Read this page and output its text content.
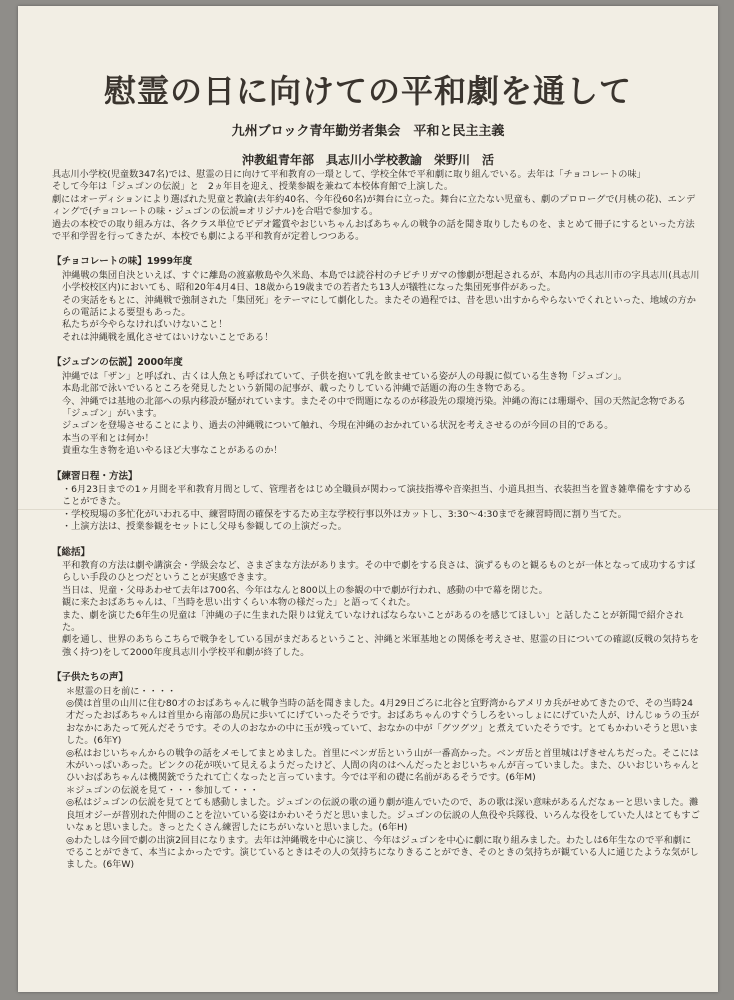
慰霊の日に向けての平和劇を通して
九州ブロック青年勤労者集会　平和と民主主義
沖教組青年部　具志川小学校教諭　栄野川　活

具志川小学校(児童数347名)では、慰霊の日に向けて平和教育の一環として、学校全体で平和劇に取り組んでいる。去年は「チョコレートの味」
そして今年は「ジュゴンの伝説」と　2ヵ年目を迎え、授業参観を兼ねて本校体育館で上演した。
劇にはオーディションにより選ばれた児童と教諭(去年約40名、今年役60名)が舞台に立った。舞台に立たない児童も、劇のプロローグで(月桃の花)、エンディングで(チョコレートの味・ジュゴンの伝説=オリジナル)を合唱で参加する。
過去の本校での取り組み方は、各クラス単位でビデオ鑑賞やおじいちゃんおばあちゃんの戦争の話を聞き取りしたものを、まとめて冊子にするといった方法で平和学習を行ってきたが、本校でも劇による平和教育が定着しつつある。

【チョコレートの味】1999年度

沖縄戦の集団自決といえば、すぐに離島の渡嘉敷島や久米島、本島では読谷村のチビチリガマの惨劇が想起されるが、本島内の具志川市の字具志川(具志川小学校校区内)においても、昭和20年4月4日、18歳から19歳までの若者たち13人が犠牲になった集団死事件があった。
その実話をもとに、沖縄戦で強制された「集団死」をテーマにして劇化した。またその過程では、昔を思い出すからやらないでくれといった、地域の方からの電話による要望もあった。
私たちが今やらなければいけないこと！
それは沖縄戦を風化させてはいけないことである！

【ジュゴンの伝説】2000年度

沖縄では「ザン」と呼ばれ、古くは人魚とも呼ばれていて、子供を抱いて乳を飲ませている姿が人の母親に似ている生き物「ジュゴン」。
本島北部で泳いでいるところを発見したという新聞の記事が、載ったりしている沖縄で話題の海の生き物である。
今、沖縄では基地の北部への県内移設が騒がれています。またその中で問題になるのが移設先の環境汚染。沖縄の海には珊瑚や、国の天然記念物である「ジュゴン」がいます。
ジュゴンを登場させることにより、過去の沖縄戦について触れ、今現在沖縄のおかれている状況を考えさせるのが今回の目的である。
本当の平和とは何か！
貴重な生き物を追いやるほど大事なことがあるのか！

【練習日程・方法】

・6月23日までの1ヶ月間を平和教育月間として、管理者をはじめ全職員が関わって演技指導や音楽担当、小道具担当、衣装担当を置き雑準備をすすめることができた。
・学校現場の多忙化がいわれる中、練習時間の確保をするため主な学校行事以外はカットし、3:30〜4:30までを練習時間に割り当てた。
・上演方法は、授業参観をセットにし父母も参観しての上演だった。

【総括】

平和教育の方法は劇や講演会・学級会など、さまざまな方法があります。その中で劇をする良さは、演ずるものと観るものとが一体となって成功するすばらしい手段のひとつだということが実感できます。
当日は、児童・父母あわせて去年は700名、今年はなんと800以上の参観の中で劇が行われ、感動の中で幕を閉じた。
観に来たおばあちゃんは、「当時を思い出すくらい本物の様だった」と語ってくれた。
また、劇を演じた6年生の児童は「沖縄の子に生まれた限りは覚えていなければならないことがあるのを感じてほしい」と話したことが新聞で紹介された。
劇を通し、世界のあちらこちらで戦争をしている国がまだあるということ、沖縄と米軍基地との関係を考えさせ、慰霊の日についての確認(反戦の気持ちを強く持つ)をして2000年度具志川小学校平和劇が終了した。

【子供たちの声】

＊慰霊の日を前に・・・・

◎僕は首里の山川に住む80才のおばあちゃんに戦争当時の話を聞きました。4月29日ごろに北谷と宜野湾からアメリカ兵がせめてきたので、その当時24才だったおばあちゃんは首里から南部の島尻に歩いてにげていったそうです。おばあちゃんのすぐうしろをいっしょににげていた人が、けんじゅうの玉がおなかにあたって死んだそうです。その人のおなかの中に玉が残っていて、おなかの中が「グツグツ」と煮えていたそうです。とてもかわいそうと思いました。(6年Y)

◎私はおじいちゃんからの戦争の話をメモしてまとめました。首里にベンガ岳という山が一番高かった。ベンガ岳と首里城はげきせんちだった。そこには木がいっぱいあった。ピンクの花が咲いて見えるようだったけど、人間の肉のはへんだったとおじいちゃんが言っていました。また、ひいおじいちゃんとひいおばあちゃんは機関銃でうたれて亡くなったと言っています。今では平和の礎に名前があるそうです。(6年M)

＊ジュゴンの伝説を見て・・・参加して・・・

◎私はジュゴンの伝説を見てとても感動しました。ジュゴンの伝説の歌の通り劇が進んでいたので、あの歌は深い意味があるんだなぁーと思いました。灘良垣オジーが普別れた仲間のことを泣いている姿はかわいそうだと思いました。ジュゴンの伝説の人魚役や兵隊役、いろんな役をしていた人はとてもすごいなぁと思いました。きっとたくさん練習したにちがいないと思いました。(6年H)

◎わたしは今回で劇の出演2回目になります。去年は沖縄戦を中心に演じ、今年はジュゴンを中心に劇に取り組みました。わたしは6年生なので平和劇にでることができて、本当によかったです。演じているときはその人の気持ちになりきることができ、そのときの気持ちが観ている人に通じたような気がしました。(6年W)
